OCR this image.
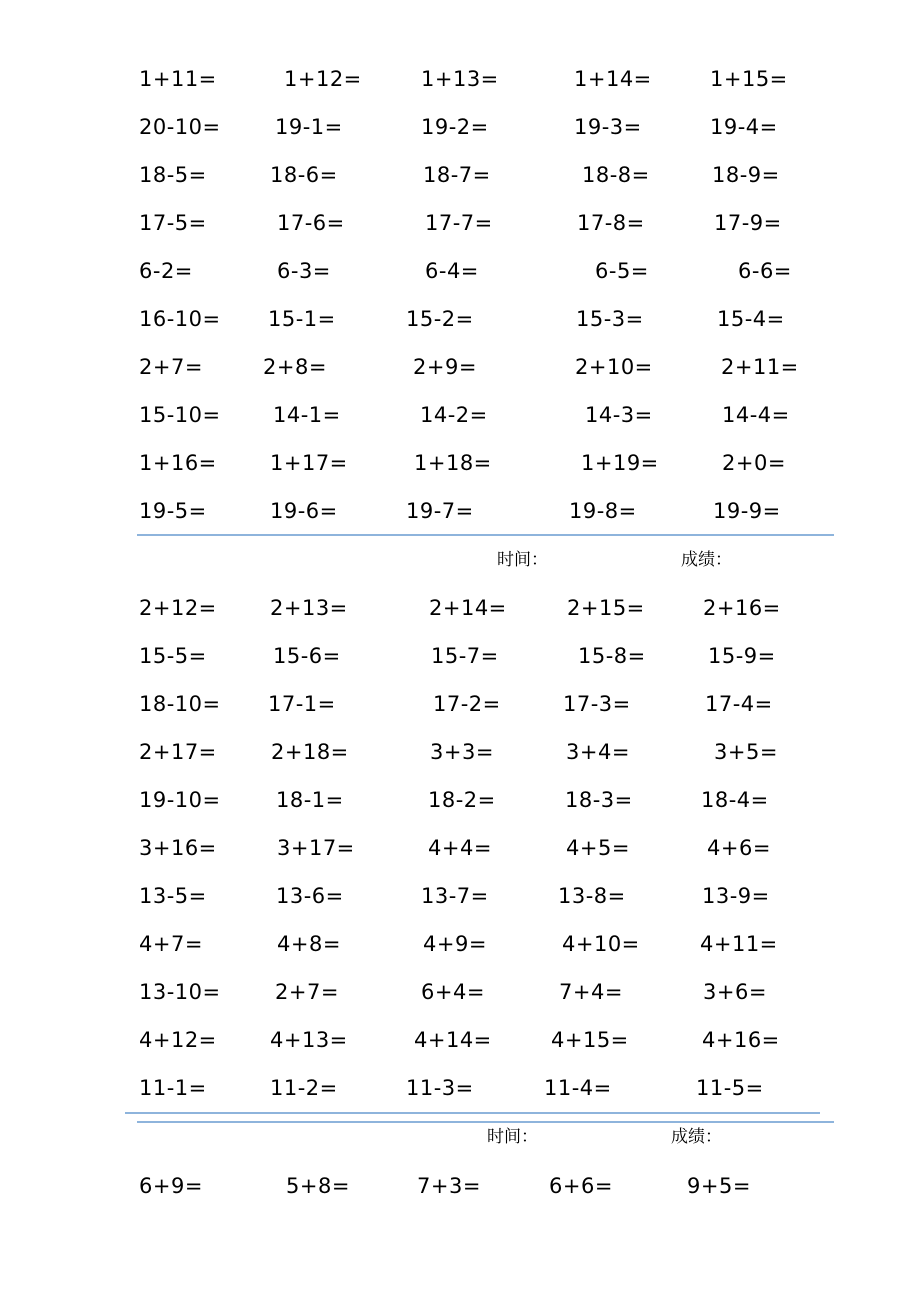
1+11=	1+12=	1+13=	1+14=	1+15=
20-10=	19-1=	19-2=	19-3=	19-4=
18-5=	18-6=	18-7=	18-8=	18-9=
17-5=	17-6=	17-7=	17-8=	17-9=
6-2=	6-3=	6-4=	6-5=	6-6=
16-10= 15-1=	15-2=	15-3=	15-4=
2+7=	2+8=	2+9=	2+10=	2+11=
15-10= 14-1=	14-2=	14-3=	14-4=
1+16=	1+17=	1+18=	1+19=	2+0=
19-5=	19-6=	19-7=	19-8=	19-9=
时间：	成绩：
2+12=	2+13=	2+14=	2+15=	2+16=
15-5=	15-6=	15-7=	15-8=	15-9=
18-10= 17-1=	17-2=	17-3=	17-4=
2+17=	2+18=	3+3=	3+4=	3+5=
19-10=	18-1=	18-2=	18-3=	18-4=
3+16=	3+17=	4+4=	4+5=	4+6=
13-5=	13-6=	13-7=	13-8=	13-9=
4+7=	4+8=	4+9=	4+10=	4+11=
13-10=	2+7=	6+4=	7+4=	3+6=
4+12=	4+13=	4+14=	4+15=	4+16=
11-1=	11-2=	11-3=	11-4=	11-5=
时间：	成绩：
6+9=	5+8=	7+3=	6+6=	9+5=
